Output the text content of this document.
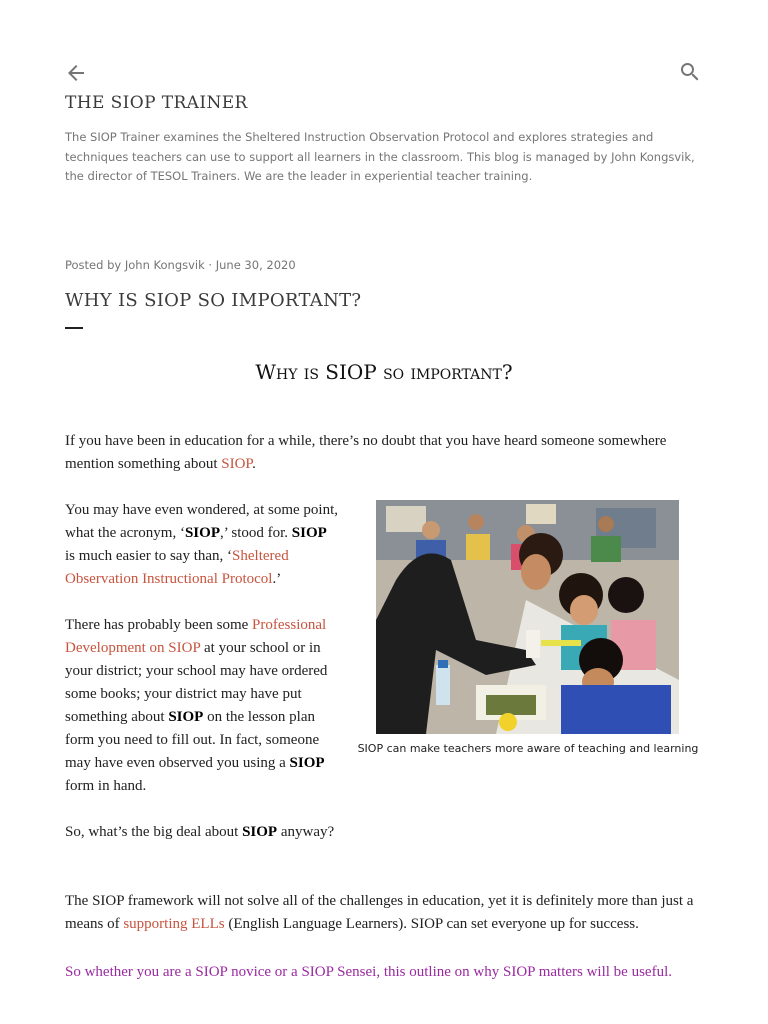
THE SIOP TRAINER
The SIOP Trainer examines the Sheltered Instruction Observation Protocol and explores strategies and techniques teachers can use to support all learners in the classroom. This blog is managed by John Kongsvik, the director of TESOL Trainers. We are the leader in experiential teacher training.
Posted by John Kongsvik · June 30, 2020
WHY IS SIOP SO IMPORTANT?
Why is SIOP so important?
If you have been in education for a while, there’s no doubt that you have heard someone somewhere mention something about SIOP.

You may have even wondered, at some point, what the acronym, ‘SIOP,’ stood for. SIOP is much easier to say than, ‘Sheltered Observation Instructional Protocol.’

There has probably been some Professional Development on SIOP at your school or in your district; your school may have ordered some books; your district may have put something about SIOP on the lesson plan form you need to fill out. In fact, someone may have even observed you using a SIOP form in hand.

So, what’s the big deal about SIOP anyway?

SIOP can make teachers more aware of teaching and learning
The SIOP framework will not solve all of the challenges in education, yet it is definitely more than just a means of supporting ELLs (English Language Learners). SIOP can set everyone up for success.
So whether you are a SIOP novice or a SIOP Sensei, this outline on why SIOP matters will be useful.
